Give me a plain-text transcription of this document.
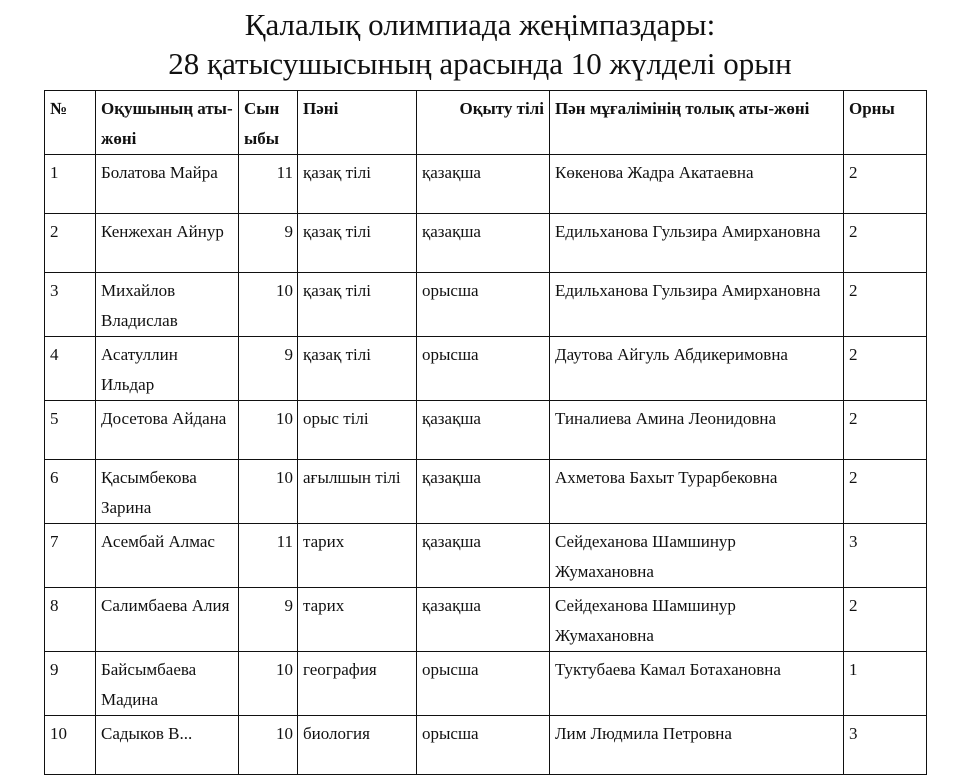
Қалалық олимпиада жеңімпаздары:
28 қатысушысының арасында 10 жүлделі орын
№	Оқушының аты-жөні	Сын ыбы	Пәні	Оқыту тілі	Пән мұғалімінің толық аты-жөні	Орны
1	Болатова Майра	11	қазақ тілі	қазақша	Көкенова Жадра Акатаевна	2
2	Кенжехан Айнур	9	қазақ тілі	қазақша	Едильханова Гульзира Амирхановна	2
3	Михайлов Владислав	10	қазақ тілі	орысша	Едильханова Гульзира Амирхановна	2
4	Асатуллин Ильдар	9	қазақ тілі	орысша	Даутова Айгуль Абдикеримовна	2
5	Досетова Айдана	10	орыс тілі	қазақша	Тиналиева Амина Леонидовна	2
6	Қасымбекова Зарина	10	ағылшын тілі	қазақша	Ахметова Бахыт Турарбековна	2
7	Асембай Алмас	11	тарих	қазақша	Сейдеханова Шамшинур Жумахановна	3
8	Салимбаева Алия	9	тарих	қазақша	Сейдеханова Шамшинур Жумахановна	2
9	Байсымбаева Мадина	10	география	орысша	Туктубаева Камал Ботахановна	1
10	Садыков В...	10	биология	орысша	Лим Людмила Петровна	3
